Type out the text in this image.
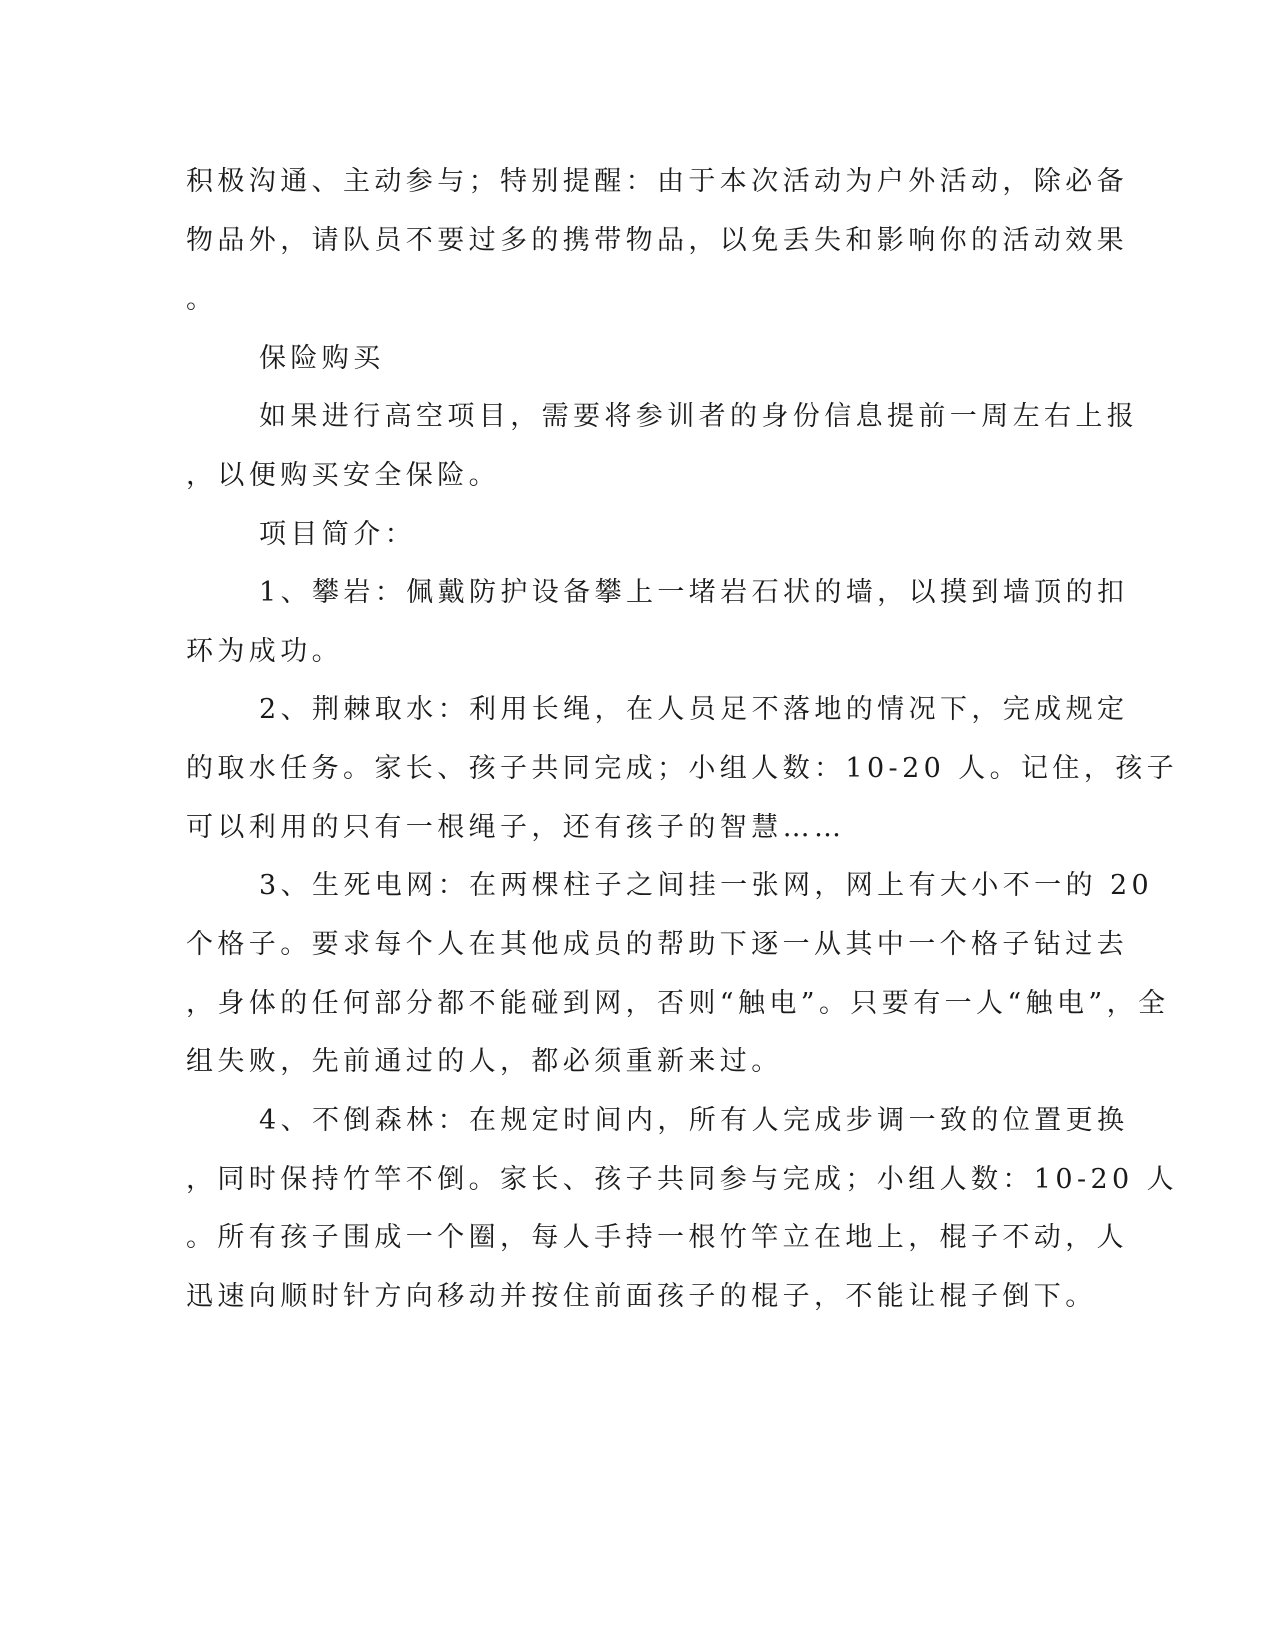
积极沟通、主动参与；特别提醒：由于本次活动为户外活动，除必备
物品外，请队员不要过多的携带物品，以免丢失和影响你的活动效果
。
保险购买
如果进行高空项目，需要将参训者的身份信息提前一周左右上报
，以便购买安全保险。
项目简介：
1、攀岩：佩戴防护设备攀上一堵岩石状的墙，以摸到墙顶的扣
环为成功。
2、荆棘取水：利用长绳，在人员足不落地的情况下，完成规定
的取水任务。家长、孩子共同完成；小组人数：10-20 人。记住，孩子
可以利用的只有一根绳子，还有孩子的智慧……
3、生死电网：在两棵柱子之间挂一张网，网上有大小不一的 20
个格子。要求每个人在其他成员的帮助下逐一从其中一个格子钻过去
，身体的任何部分都不能碰到网，否则“触电”。只要有一人“触电”，全
组失败，先前通过的人，都必须重新来过。
4、不倒森林：在规定时间内，所有人完成步调一致的位置更换
，同时保持竹竿不倒。家长、孩子共同参与完成；小组人数：10-20 人
。所有孩子围成一个圈，每人手持一根竹竿立在地上，棍子不动，人
迅速向顺时针方向移动并按住前面孩子的棍子，不能让棍子倒下。
